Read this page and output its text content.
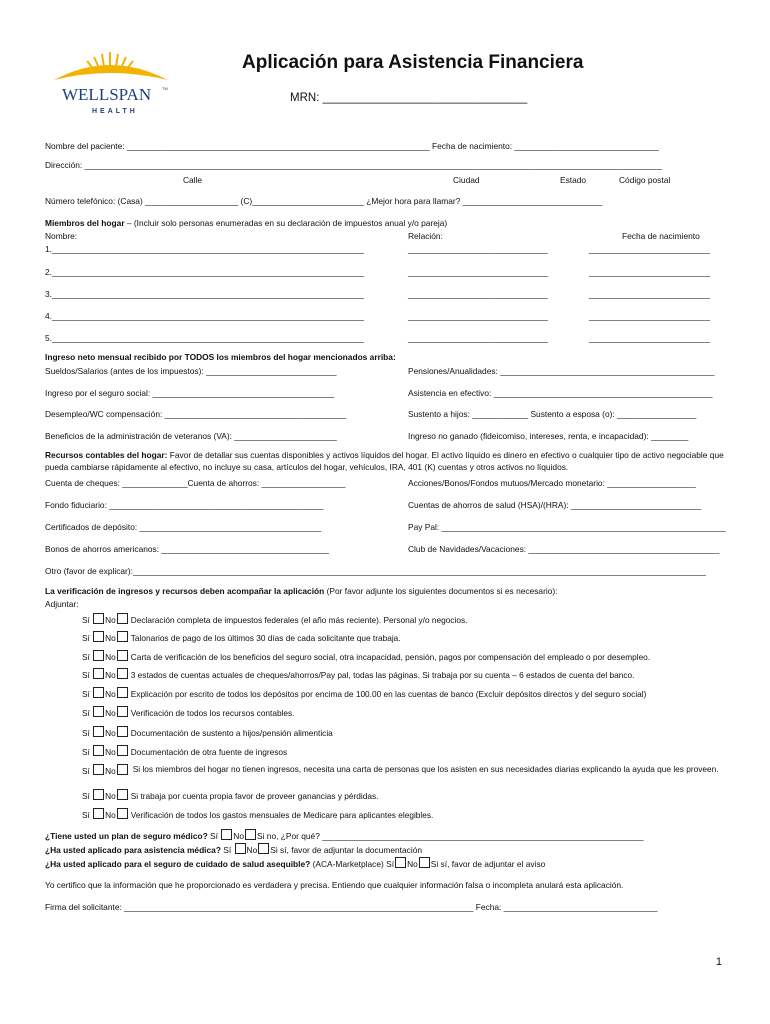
WELLSPAN	TM
HEALTH
Aplicación para Asistencia Financiera
MRN: ________________________________
Nombre del paciente: _________________________________________________________________ Fecha de nacimiento: _______________________________
Dirección: ____________________________________________________________________________________________________________________________
Calle	Ciudad	Estado	Código postal
Número telefónico: (Casa) ____________________ (C)________________________ ¿Mejor hora para llamar? ______________________________
Miembros del hogar – (Incluir solo personas enumeradas en su declaración de impuestos anual y/o pareja)
Nombre:	Relación:	Fecha de nacimiento
1.___________________________________________________________________	______________________________	__________________________
2.___________________________________________________________________	______________________________	__________________________
3.___________________________________________________________________	______________________________	__________________________
4.___________________________________________________________________	______________________________	__________________________
5.___________________________________________________________________	______________________________	__________________________
Ingreso neto mensual recibido por TODOS los miembros del hogar mencionados arriba:
Sueldos/Salarios (antes de los impuestos): ____________________________	Pensiones/Anualidades: ______________________________________________
Ingreso por el seguro social: _______________________________________	Asistencia en efectivo: _______________________________________________
Desempleo/WC compensación: _______________________________________	Sustento a hijos: ____________ Sustento a esposa (o): _________________
Beneficios de la administración de veteranos (VA): ______________________	Ingreso no ganado (fideicomiso, intereses, renta, e incapacidad): ________
Recursos contables del hogar: Favor de detallar sus cuentas disponibles y activos líquidos del hogar. El activo líquido es dinero en efectivo o cualquier tipo de activo negociable que pueda cambiarse rápidamente al efectivo, no incluye su casa, artículos del hogar, vehículos, IRA, 401 (K) cuentas y otros activos no líquidos.
Cuenta de cheques: ______________Cuenta de ahorros: __________________	Acciones/Bonos/Fondos mutuos/Mercado monetario: ___________________
Fondo fiduciario: ______________________________________________	Cuentas de ahorros de salud (HSA)/(HRA): ____________________________
Certificados de depósito: _______________________________________	Pay Pal: _____________________________________________________________
Bonos de ahorros americanos: ____________________________________	Club de Navidades/Vacaciones: _________________________________________
Otro (favor de explicar):___________________________________________________________________________________________________________________________
La verificación de ingresos y recursos deben acompañar la aplicación (Por favor adjunte los siguientes documentos si es necesario):
Adjuntar:
Sí No Declaración completa de impuestos federales (el año más reciente). Personal y/o negocios.
Sí No Talonarios de pago de los últimos 30 días de cada solicitante que trabaja.
Sí No Carta de verificación de los beneficios del seguro social, otra incapacidad, pensión, pagos por compensación del empleado o por desempleo.
Sí No 3 estados de cuentas actuales de cheques/ahorros/Pay pal, todas las páginas. Si trabaja por su cuenta – 6 estados de cuenta del banco.
Sí No Explicación por escrito de todos los depósitos por encima de 100.00 en las cuentas de banco (Excluir depósitos directos y del seguro social)
Sí No Verificación de todos los recursos contables.
Sí No Documentación de sustento a hijos/pensión alimenticia
Sí No Documentación de otra fuente de ingresos
Sí No	Si los miembros del hogar no tienen ingresos, necesita una carta de personas que los asisten en sus necesidades diarias explicando la ayuda que les proveen.
Sí No Si trabaja por cuenta propia favor de proveer ganancias y pérdidas.
Sí No Verificación de todos los gastos mensuales de Medicare para aplicantes elegibles.
¿Tiene usted un plan de seguro médico? Sí No Si no, ¿Por qué? _____________________________________________________________________
¿Ha usted aplicado para asistencia médica? Sí No Si sí, favor de adjuntar la documentación
¿Ha usted aplicado para el seguro de cuidado de salud asequible? (ACA-Marketplace) Sí No Si sí, favor de adjuntar el aviso
Yo certifico que la información que he proporcionado es verdadera y precisa. Entiendo que cualquier información falsa o incompleta anulará esta aplicación.
Firma del solicitante: ___________________________________________________________________________ Fecha: _________________________________
1
